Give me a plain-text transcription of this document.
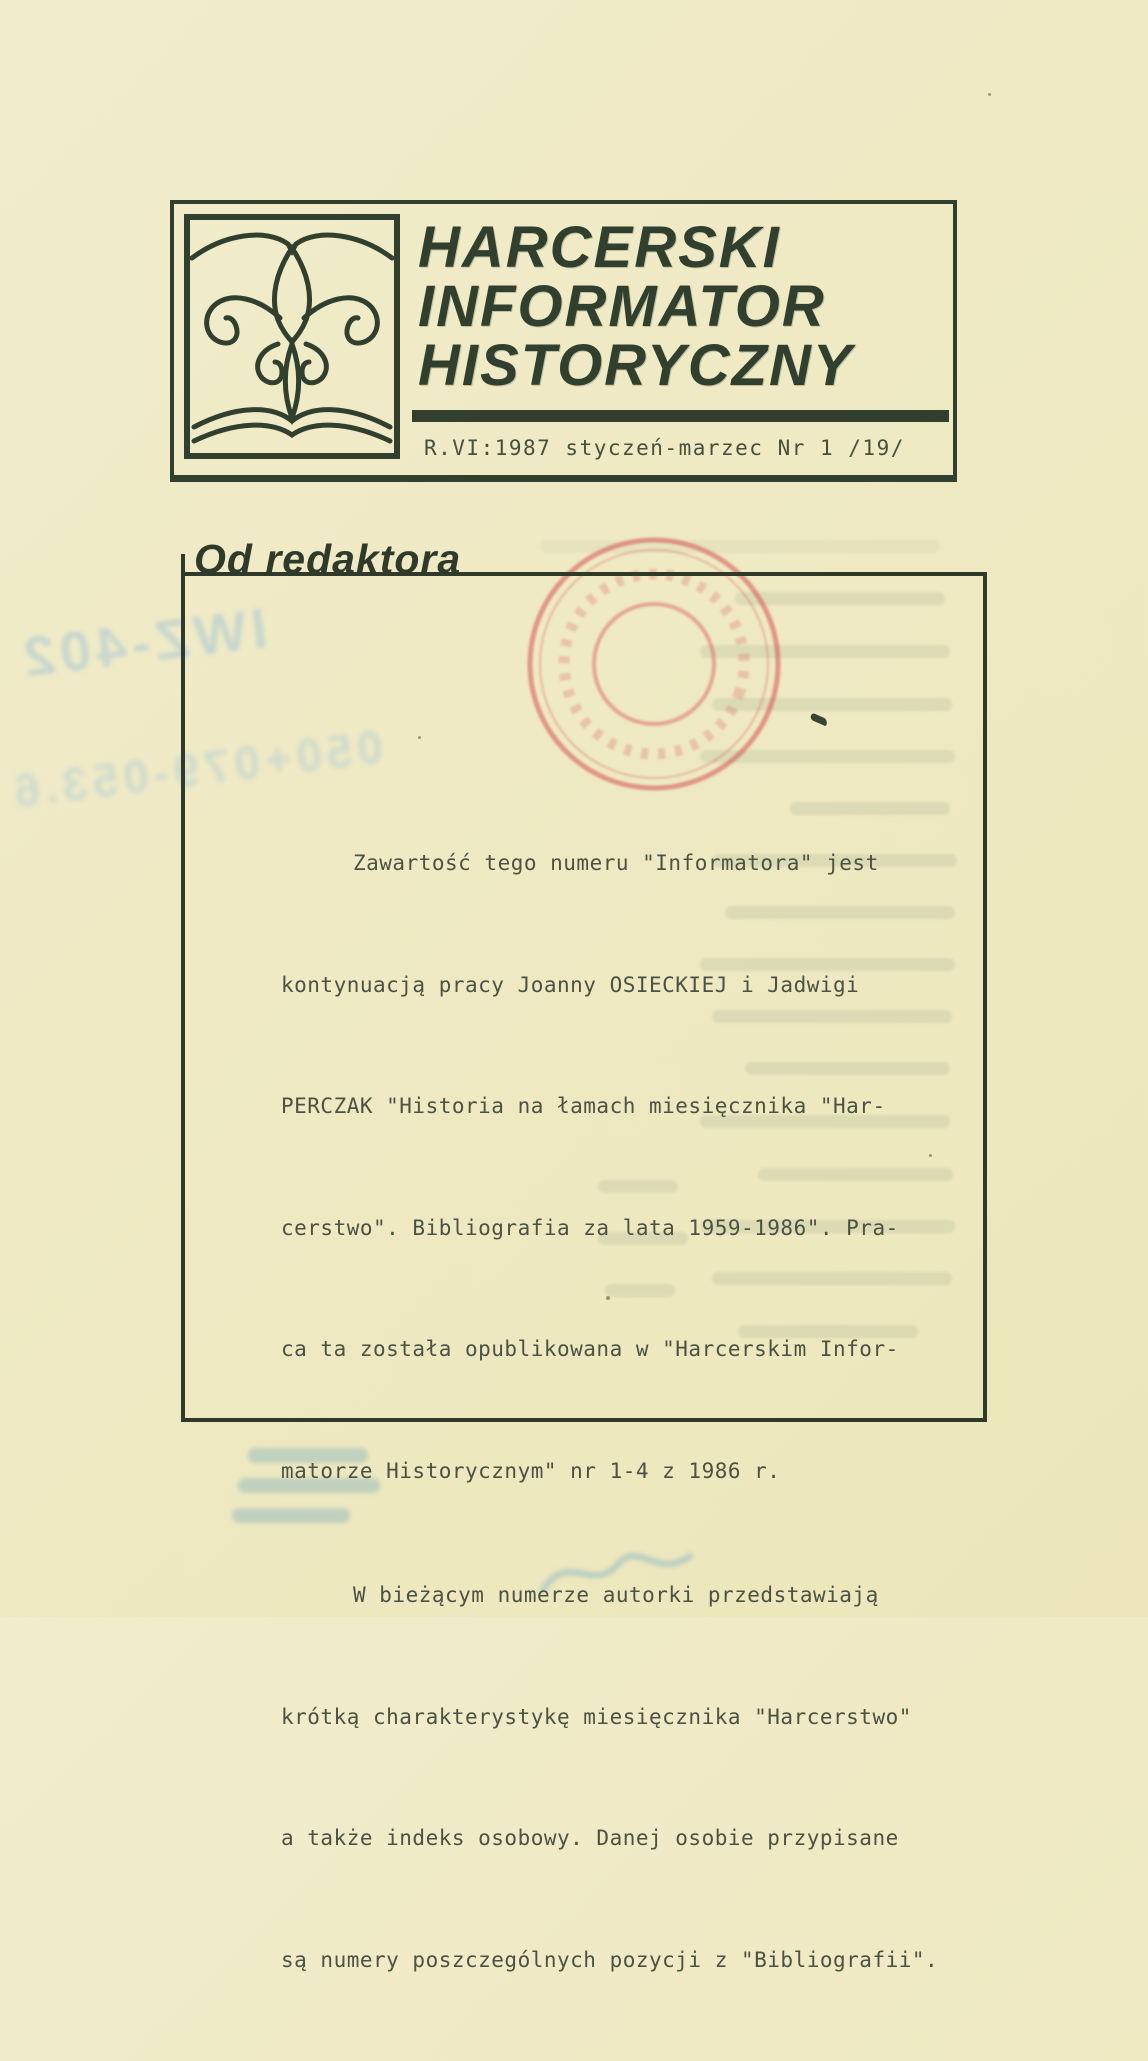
IWZ-402
050+079-053.6
HARCERSKI
INFORMATOR
HISTORYCZNY
R.VI:1987 styczeń-marzec Nr 1 /19/
Od redaktora

Zawartość tego numeru "Informatora" jest

kontynuacją pracy Joanny OSIECKIEJ i Jadwigi

PERCZAK "Historia na łamach miesięcznika "Har-

cerstwo". Bibliografia za lata 1959-1986". Pra-

ca ta została opublikowana w "Harcerskim Infor-

matorze Historycznym" nr 1-4 z 1986 r.

W bieżącym numerze autorki przedstawiają

krótką charakterystykę miesięcznika "Harcerstwo"

a także indeks osobowy. Danej osobie przypisane

są numery poszczególnych pozycji z "Bibliografii".
